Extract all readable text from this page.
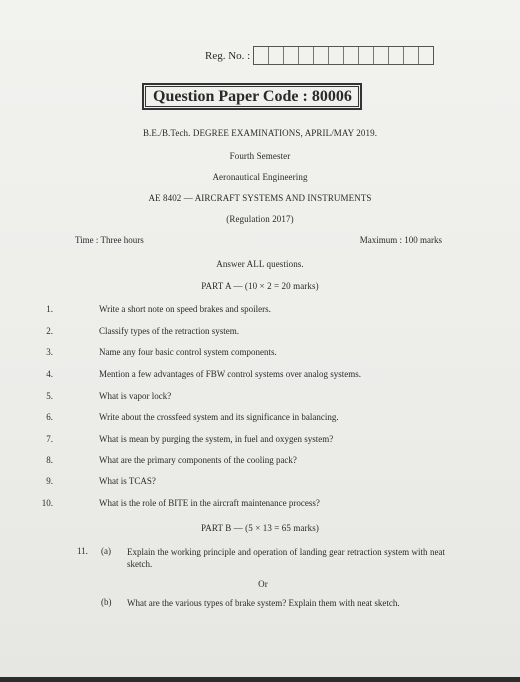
Reg. No. :
Question Paper Code : 80006
B.E./B.Tech. DEGREE EXAMINATIONS, APRIL/MAY 2019.
Fourth Semester
Aeronautical Engineering
AE 8402 — AIRCRAFT SYSTEMS AND INSTRUMENTS
(Regulation 2017)
Time : Three hours	Maximum : 100 marks
Answer ALL questions.
PART A — (10 × 2 = 20 marks)
1.	Write a short note on speed brakes and spoilers.
2.	Classify types of the retraction system.
3.	Name any four basic control system components.
4.	Mention a few advantages of FBW control systems over analog systems.
5.	What is vapor lock?
6.	Write about the crossfeed system and its significance in balancing.
7.	What is mean by purging the system, in fuel and oxygen system?
8.	What are the primary components of the cooling pack?
9.	What is TCAS?
10.	What is the role of BITE in the aircraft maintenance process?
PART B — (5 × 13 = 65 marks)
11. (a) Explain the working principle and operation of landing gear retraction system with neat sketch.
Or
(b) What are the various types of brake system? Explain them with neat sketch.
